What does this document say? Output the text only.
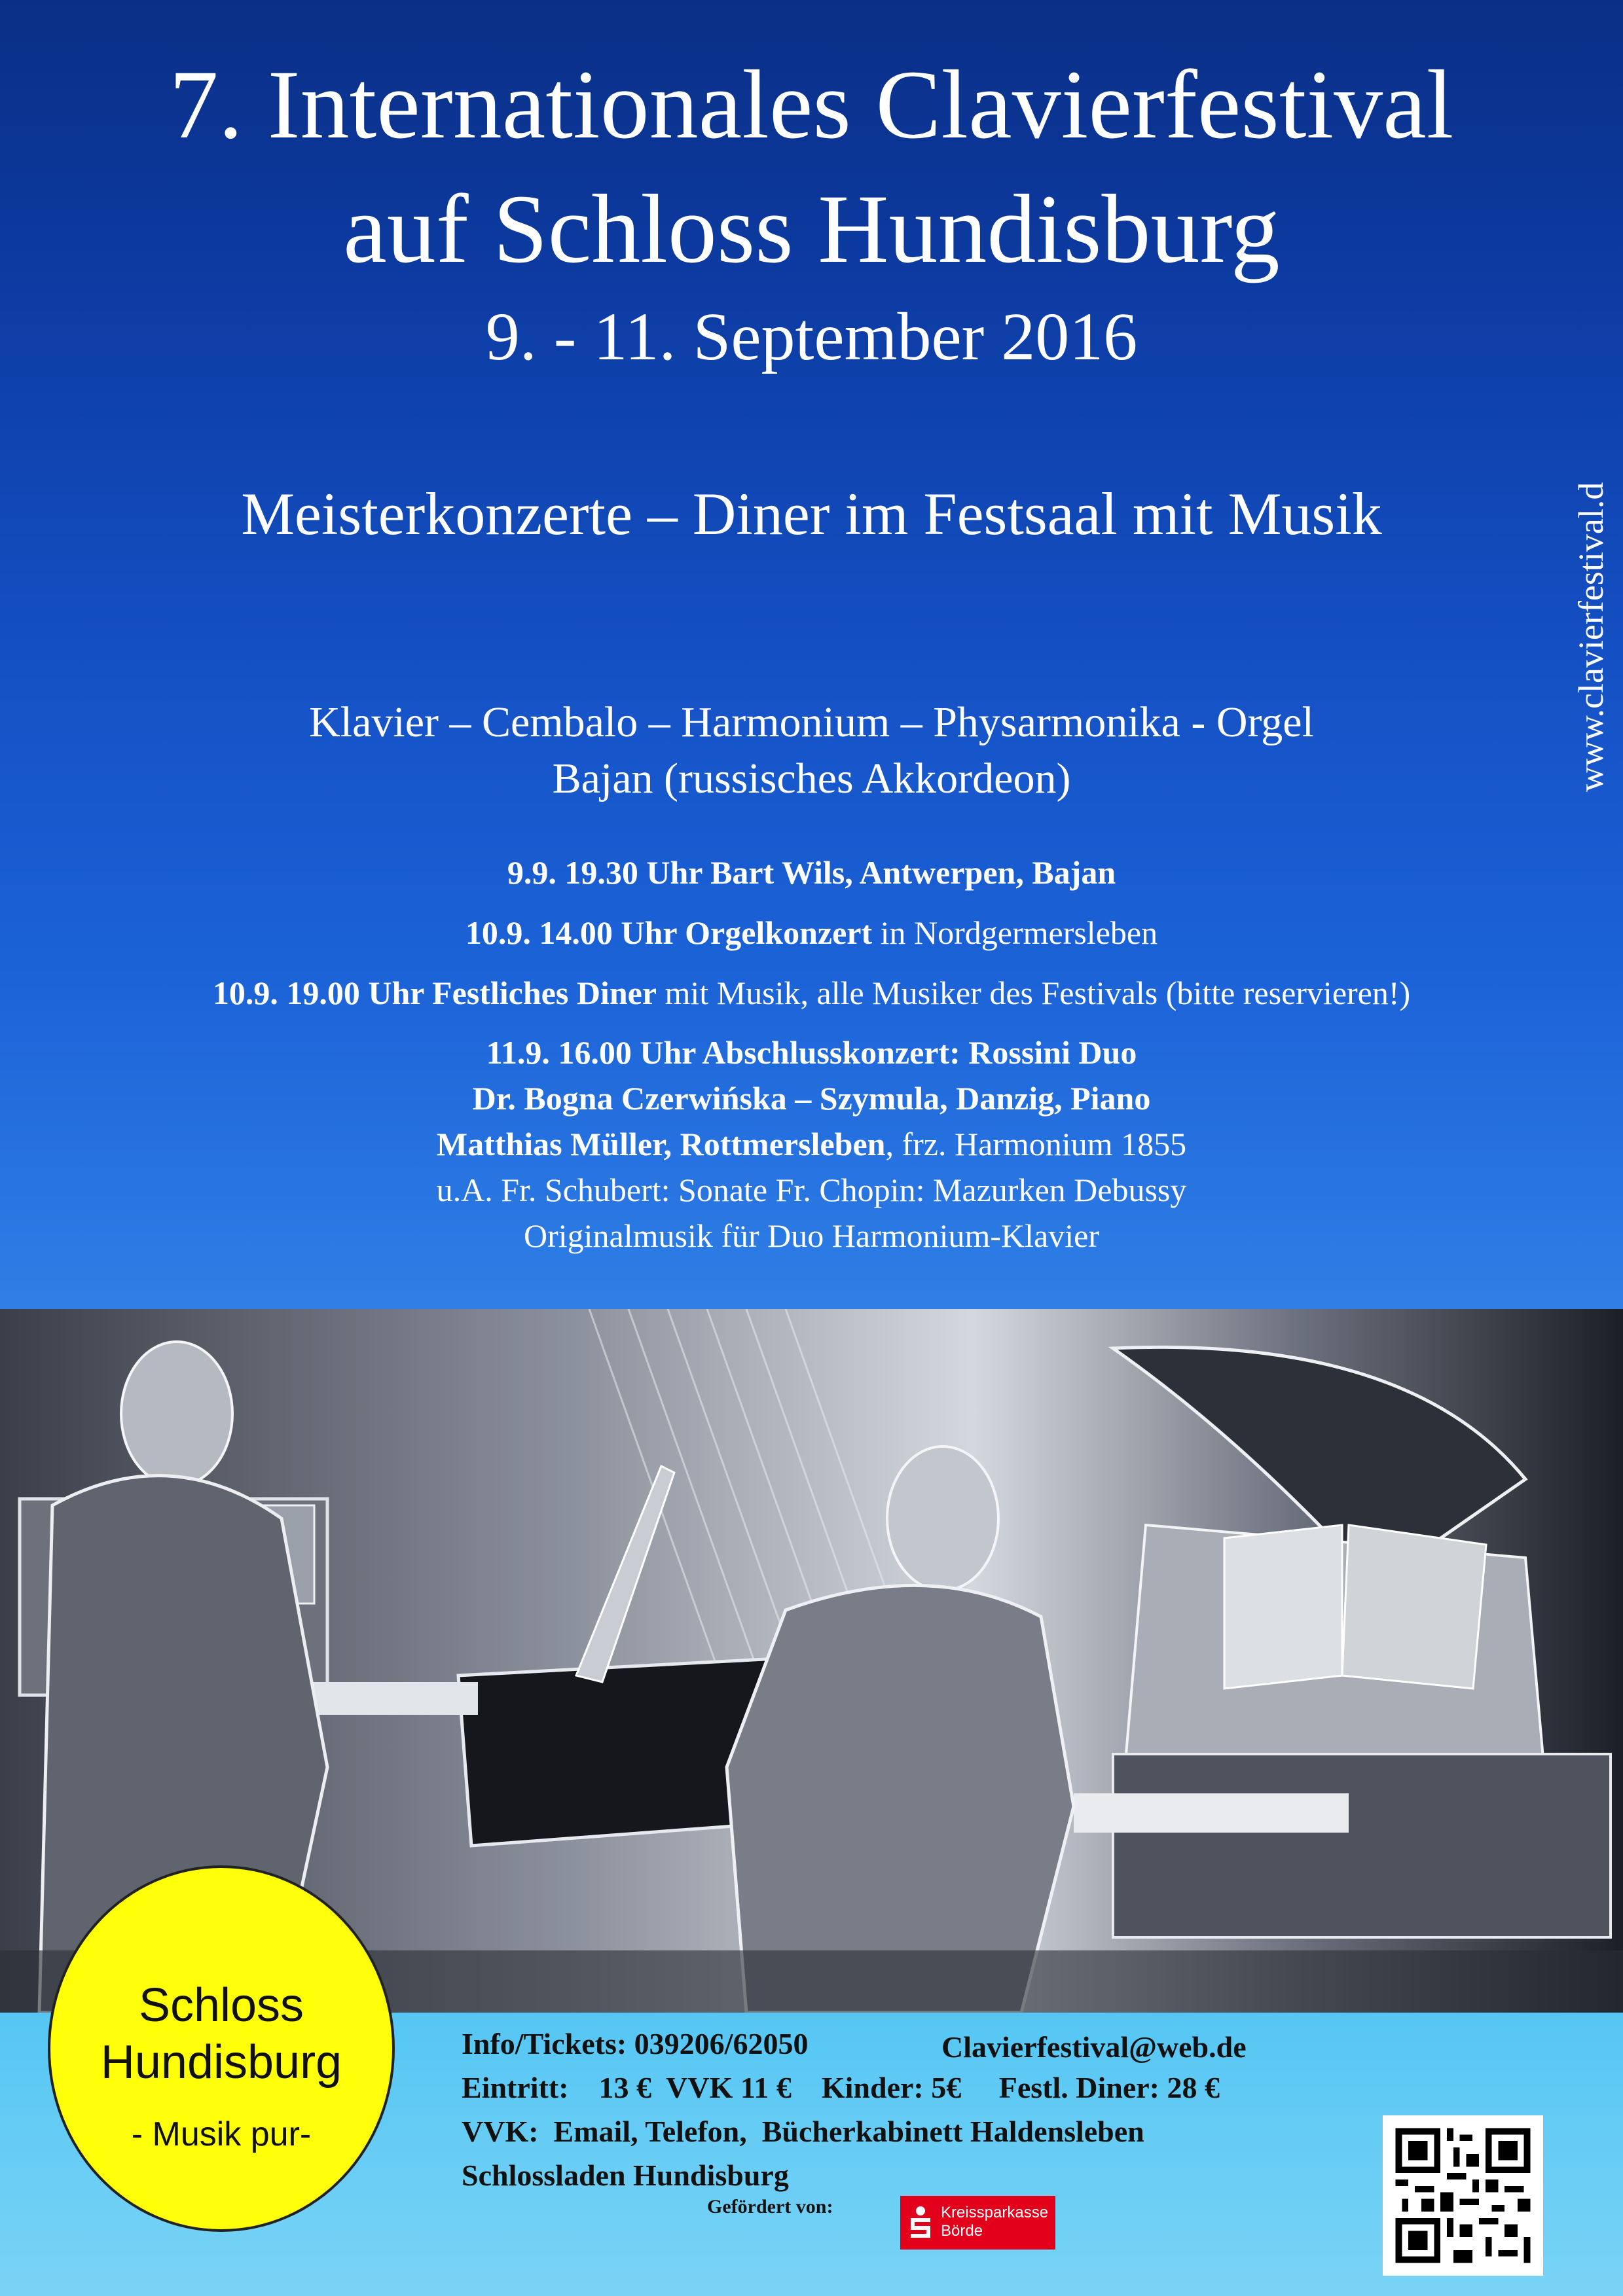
7. Internationales Clavierfestival
auf Schloss Hundisburg
9. - 11. September 2016
Meisterkonzerte – Diner im Festsaal mit Musik
Klavier – Cembalo – Harmonium – Physarmonika - Orgel
Bajan (russisches Akkordeon)	www.clavierfestival.d
9.9. 19.30 Uhr Bart Wils, Antwerpen, Bajan
10.9. 14.00 Uhr Orgelkonzert in Nordgermersleben
10.9. 19.00 Uhr Festliches Diner mit Musik, alle Musiker des Festivals (bitte reservieren!)
11.9. 16.00 Uhr Abschlusskonzert: Rossini Duo
Dr. Bogna Czerwińska – Szymula, Danzig, Piano
Matthias Müller, Rottmersleben, frz. Harmonium 1855
u.A. Fr. Schubert: Sonate Fr. Chopin: Mazurken Debussy
Originalmusik für Duo Harmonium-Klavier
Info/Tickets: 039206/62050	Clavierfestival@web.de
Eintritt:    13 €  VVK 11 €    Kinder: 5€     Festl. Diner: 28 €
VVK:  Email, Telefon,  Bücherkabinett Haldensleben
Schlossladen Hundisburg
Gefördert von:	Kreissparkasse
Börde
Schloss
Hundisburg
- Musik pur-
